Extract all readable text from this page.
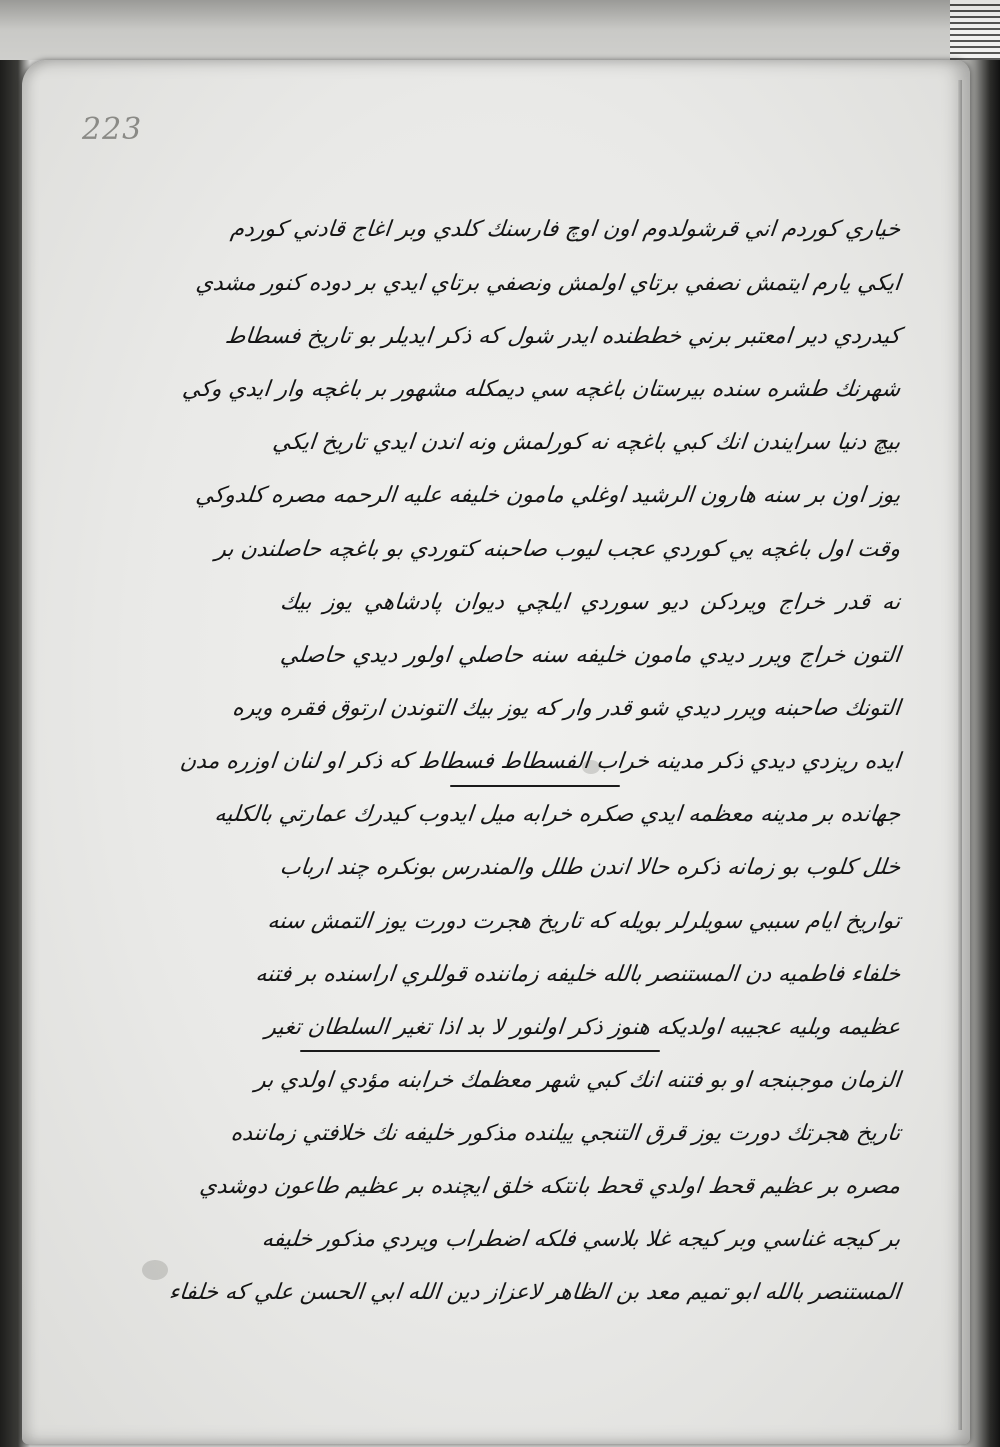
223
خياري كوردم اني قرشولدوم اون اوچ فارسنك كلدي وبر اغاج قادني كوردم
ايكي يارم ايتمش نصفي برتاي اولمش ونصفي برتاي ايدي بر دوده كنور مشدي
كيدردي دير امعتبر برني خططنده ايدر شول كه ذكر ايديلر بو تاريخ فسطاط
شهرنك طشره سنده بيرستان باغچه سي ديمكله مشهور بر باغچه وار ايدي وكي
بيچ دنيا سرايندن انك كبي باغچه نه كورلمش ونه اندن ايدي تاريخ ايكي
يوز اون بر سنه هارون الرشيد اوغلي مامون خليفه عليه الرحمه مصره كلدوكي
وقت اول باغچه يي كوردي عجب ليوب صاحبنه كتوردي بو باغچه حاصلندن بر
نه قدر خراج ويردكن ديو سوردي ايلچي ديوان پادشاهي يوز بيك
التون خراج ويرر ديدي مامون خليفه سنه حاصلي اولور ديدي حاصلي
التونك صاحبنه ويرر ديدي شو قدر وار كه يوز بيك التوندن ارتوق فقره ويره
ايده ريزدي ديدي ذكر مدينه خراب الفسطاط فسطاط كه ذكر او لنان اوزره مدن
جهانده بر مدينه معظمه ايدي صكره خرابه ميل ايدوب كيدرك عمارتي بالكليه
خلل كلوب بو زمانه ذكره حالا اندن طلل والمندرس بونكره چند ارباب
تواريخ ايام سببي سويلرلر بويله كه تاريخ هجرت دورت يوز التمش سنه
خلفاء فاطميه دن المستنصر بالله خليفه زماننده قوللري اراسنده بر فتنه
عظيمه وبليه عجيبه اولديكه هنوز ذكر اولنور لا بد اذا تغير السلطان تغير
الزمان موجبنجه او بو فتنه انك كبي شهر معظمك خرابنه مؤدي اولدي بر
تاريخ هجرتك دورت يوز قرق التنجي ييلنده مذكور خليفه نك خلافتي زماننده
مصره بر عظيم قحط اولدي قحط بانتكه خلق ايچنده بر عظيم طاعون دوشدي
بر كيجه غناسي وبر كيجه غلا بلاسي فلكه اضطراب ويردي مذكور خليفه
المستنصر بالله ابو تميم معد بن الظاهر لاعزاز دين الله ابي الحسن علي كه خلفاء
